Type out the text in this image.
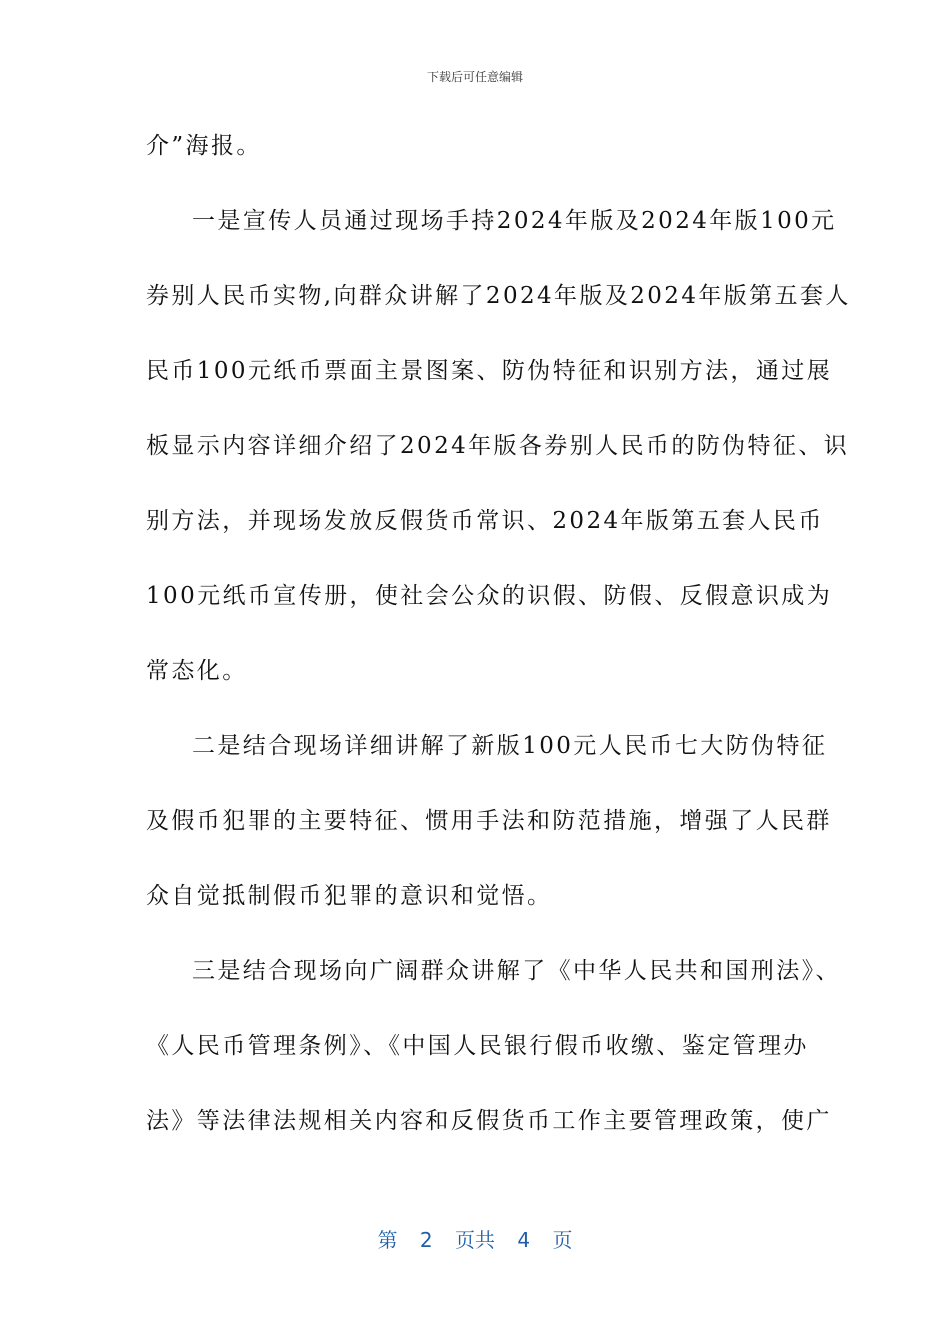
下载后可任意编辑
介”海报。
一是宣传人员通过现场手持2024年版及2024年版100元
券别人民币实物,向群众讲解了2024年版及2024年版第五套人
民币100元纸币票面主景图案、防伪特征和识别方法，通过展
板显示内容详细介绍了2024年版各券别人民币的防伪特征、识
别方法，并现场发放反假货币常识、2024年版第五套人民币
100元纸币宣传册，使社会公众的识假、防假、反假意识成为
常态化。
二是结合现场详细讲解了新版100元人民币七大防伪特征
及假币犯罪的主要特征、惯用手法和防范措施，增强了人民群
众自觉抵制假币犯罪的意识和觉悟。
三是结合现场向广阔群众讲解了《中华人民共和国刑法》、
《人民币管理条例》、《中国人民银行假币收缴、鉴定管理办
法》等法律法规相关内容和反假货币工作主要管理政策，使广
第 2 页共 4 页
